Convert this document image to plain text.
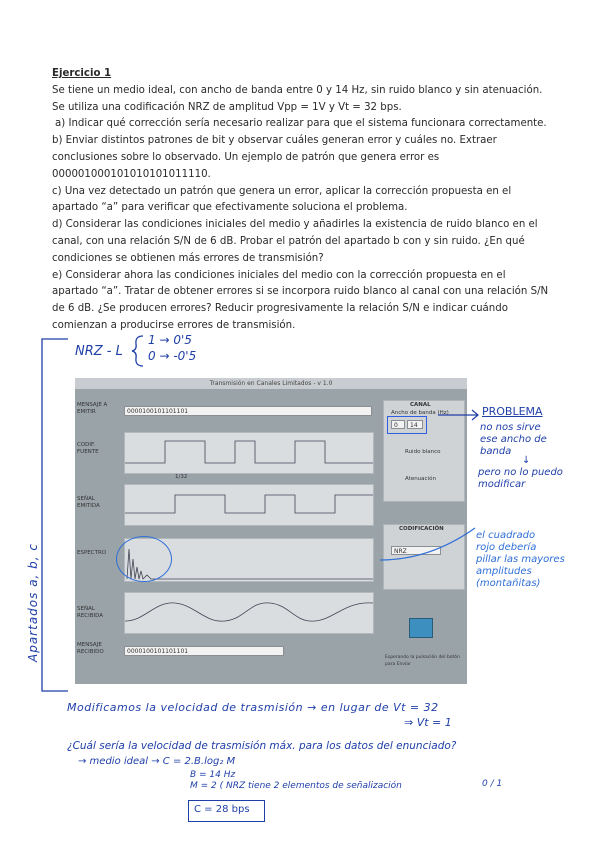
Ejercicio 1

Se tiene un medio ideal, con ancho de banda entre 0 y 14 Hz, sin ruido blanco y sin atenuación. Se utiliza una codificación NRZ de amplitud Vpp = 1V y Vt = 32 bps.

a) Indicar qué corrección sería necesario realizar para que el sistema funcionara correctamente.

b) Enviar distintos patrones de bit y observar cuáles generan error y cuáles no. Extraer conclusiones sobre lo observado. Un ejemplo de patrón que genera error es 000001000101010101011110.

c) Una vez detectado un patrón que genera un error, aplicar la corrección propuesta en el apartado “a” para verificar que efectivamente soluciona el problema.

d) Considerar las condiciones iniciales del medio y añadirles la existencia de ruido blanco en el canal, con una relación S/N de 6 dB. Probar el patrón del apartado b con y sin ruido. ¿En qué condiciones se obtienen más errores de transmisión?

e) Considerar ahora las condiciones iniciales del medio con la corrección propuesta en el apartado “a”. Tratar de obtener errores si se incorpora ruido blanco al canal con una relación S/N de 6 dB. ¿Se producen errores? Reducir progresivamente la relación S/N e indicar cuándo comienzan a producirse errores de transmisión.

Apartados a, b, c
NRZ - L
1 → 0'5
0 → -0'5
Transmisión en Canales Limitados - v 1.0
MENSAJE A EMITIR	0000100101101101
CODIF. FUENTE
1/32
SEÑAL EMITIDA
ESPECTRO
SEÑAL RECIBIDA
MENSAJE RECIBIDO	0000100101101101
CANAL
Ancho de banda (Hz)
0	14
Ruido blanco
Atenuación
CODIFICACIÓN
NRZ
Esperando la pulsación del botón para Enviar
PROBLEMA
no nos sirve
ese ancho de
banda
↓
pero no lo puedo
modificar
el cuadrado
rojo debería
pillar las mayores
amplitudes
(montañitas)
Modificamos la velocidad de trasmisión → en lugar de Vt = 32
⇒ Vt = 1
¿Cuál sería la velocidad de trasmisión máx. para los datos del enunciado?
→ medio ideal → C = 2.B.log₂ M
B = 14 Hz
M = 2 ( NRZ tiene 2 elementos de señalización	0 / 1
C = 28 bps
